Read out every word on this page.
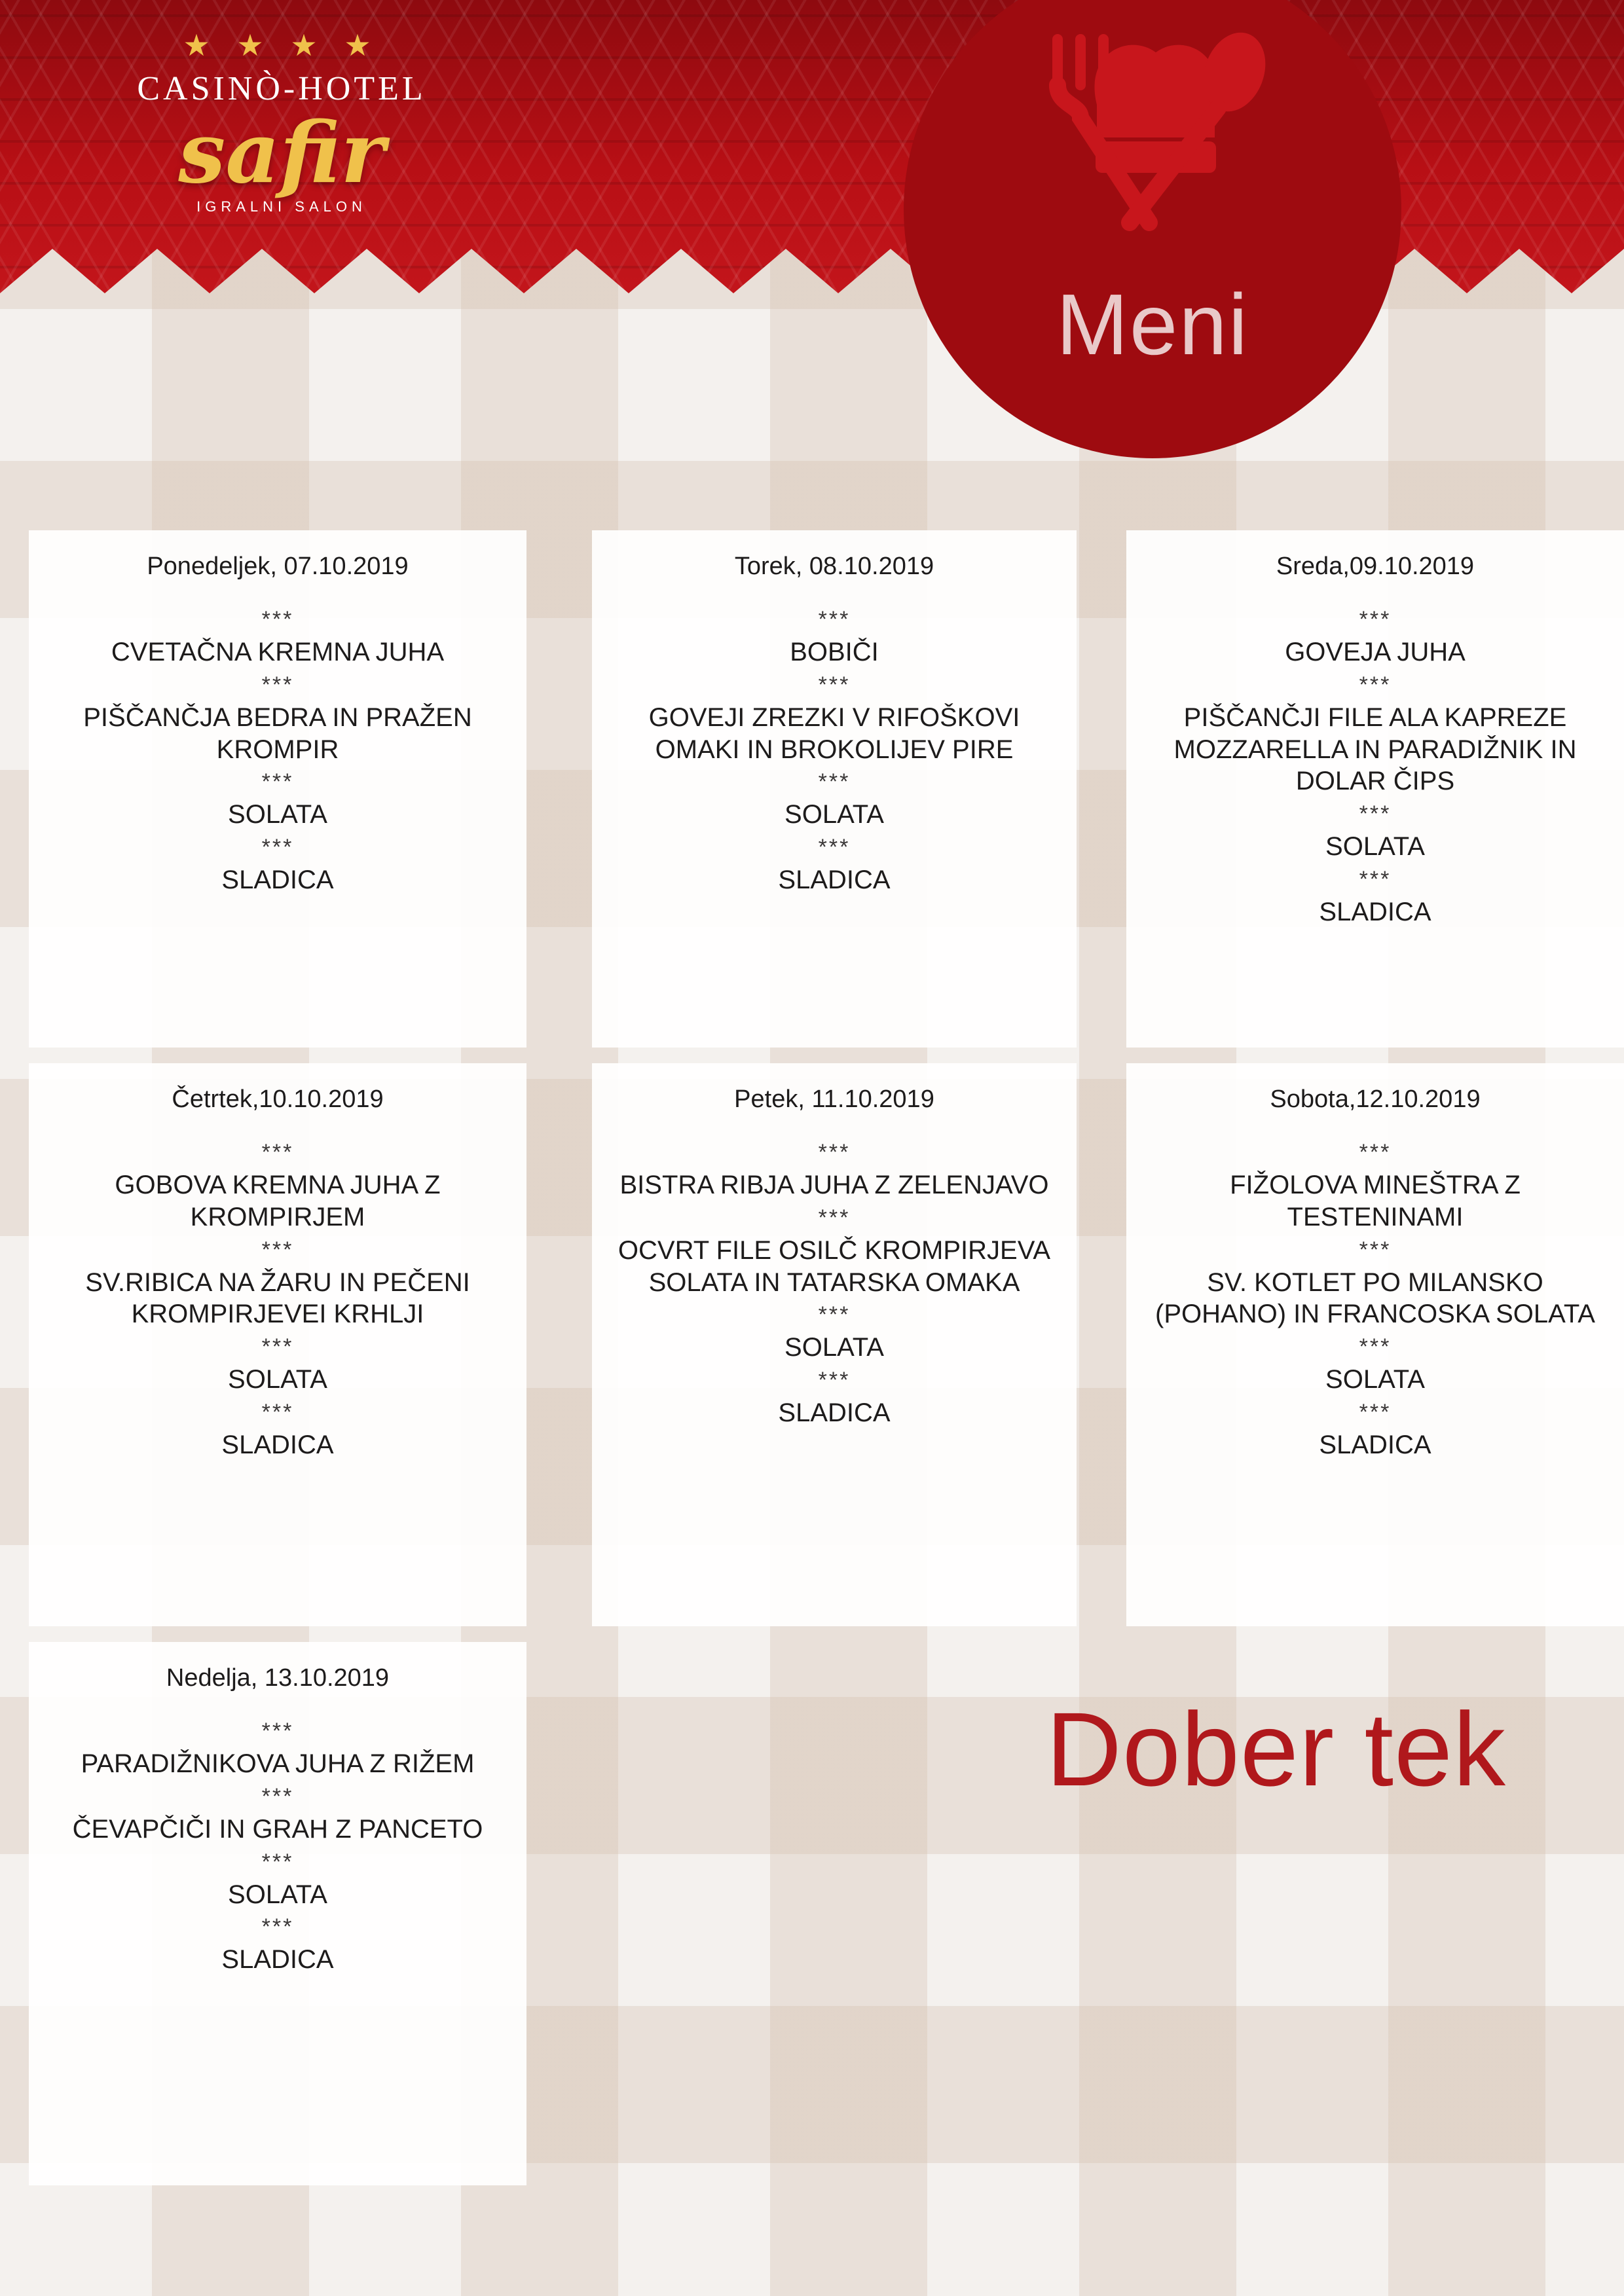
★ ★ ★ ★
CASINÒ-HOTEL
safir
IGRALNI SALON
Meni
Ponedeljek, 07.10.2019
***
CVETAČNA KREMNA JUHA
***
PIŠČANČJA BEDRA IN PRAŽEN KROMPIR
***
SOLATA
***
SLADICA
Torek, 08.10.2019
***
BOBIČI
***
GOVEJI ZREZKI V RIFOŠKOVI OMAKI IN BROKOLIJEV PIRE
***
SOLATA
***
SLADICA
Sreda,09.10.2019
***
GOVEJA JUHA
***
PIŠČANČJI FILE ALA KAPREZE MOZZARELLA IN PARADIŽNIK IN DOLAR ČIPS
***
SOLATA
***
SLADICA
Četrtek,10.10.2019
***
GOBOVA KREMNA JUHA Z KROMPIRJEM
***
SV.RIBICA NA ŽARU IN PEČENI KROMPIRJEVEI KRHLJI
***
SOLATA
***
SLADICA
Petek, 11.10.2019
***
BISTRA RIBJA JUHA Z ZELENJAVO
***
OCVRT FILE OSILČ KROMPIRJEVA SOLATA IN TATARSKA OMAKA
***
SOLATA
***
SLADICA
Sobota,12.10.2019
***
FIŽOLOVA MINEŠTRA Z TESTENINAMI
***
SV. KOTLET PO MILANSKO (POHANO) IN FRANCOSKA SOLATA
***
SOLATA
***
SLADICA
Nedelja, 13.10.2019
***
PARADIŽNIKOVA JUHA Z RIŽEM
***
ČEVAPČIČI IN GRAH Z PANCETO
***
SOLATA
***
SLADICA
Dober tek
